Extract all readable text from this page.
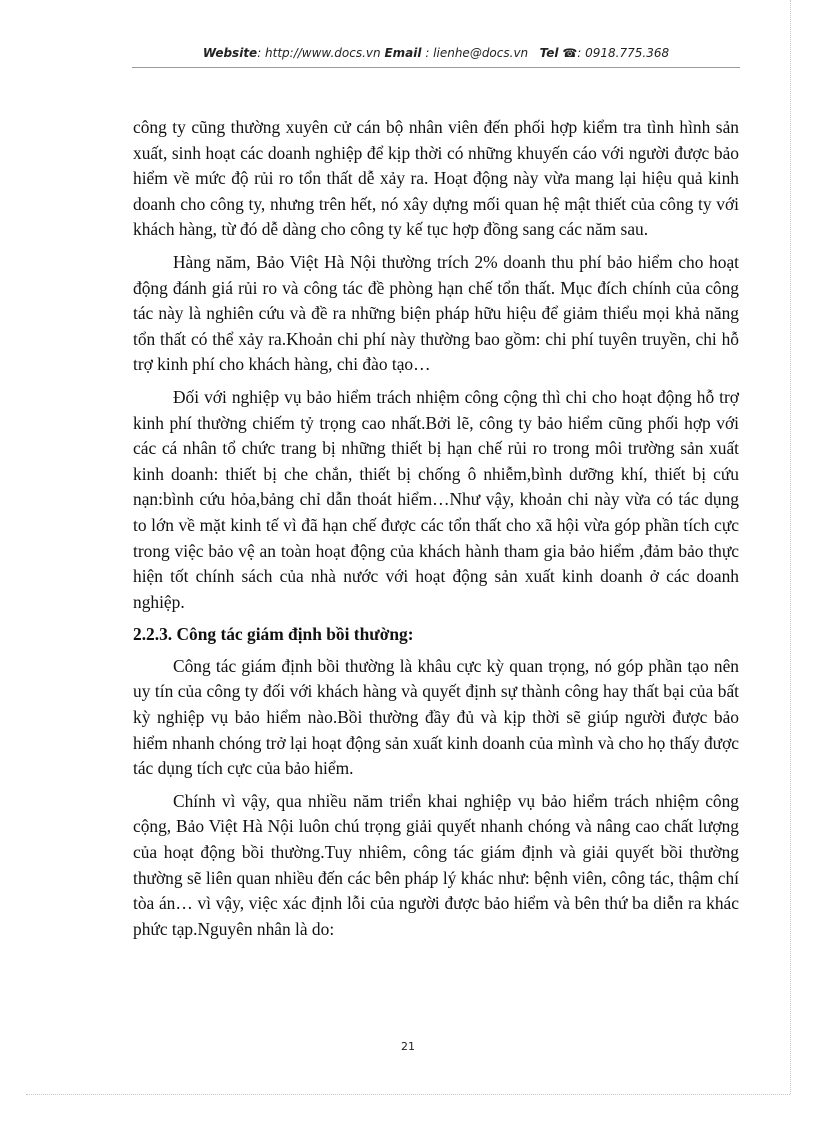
Website: http://www.docs.vn Email : lienhe@docs.vn Tel ☎: 0918.775.368

công ty cũng thường xuyên cử cán bộ nhân viên đến phối hợp kiểm tra tình hình sản xuất, sinh hoạt các doanh nghiệp để kịp thời có những khuyến cáo với người được bảo hiểm về mức độ rủi ro tổn thất dễ xảy ra. Hoạt động này vừa mang lại hiệu quả kinh doanh cho công ty, nhưng trên hết, nó xây dựng mối quan hệ mật thiết của công ty với khách hàng, từ đó dễ dàng cho công ty kế tục hợp đồng sang các năm sau.

Hàng năm, Bảo Việt Hà Nội thường trích 2% doanh thu phí bảo hiểm cho hoạt động đánh giá rủi ro và công tác đề phòng hạn chế tổn thất. Mục đích chính của công tác này là nghiên cứu và đề ra những biện pháp hữu hiệu để giảm thiểu mọi khả năng tổn thất có thể xảy ra.Khoản chi phí này thường bao gồm: chi phí tuyên truyền, chi hỗ trợ kinh phí cho khách hàng, chi đào tạo…

Đối với nghiệp vụ bảo hiểm trách nhiệm công cộng thì chi cho hoạt động hỗ trợ kinh phí thường chiếm tỷ trọng cao nhất.Bởi lẽ, công ty bảo hiểm cũng phối hợp với các cá nhân tổ chức trang bị những thiết bị hạn chế rủi ro trong môi trường sản xuất kinh doanh: thiết bị che chắn, thiết bị chống ô nhiễm,bình dưỡng khí, thiết bị cứu nạn:bình cứu hỏa,bảng chỉ dẫn thoát hiểm…Như vậy, khoản chi này vừa có tác dụng to lớn về mặt kinh tế vì đã hạn chế được các tổn thất cho xã hội vừa góp phần tích cực trong việc bảo vệ an toàn hoạt động của khách hành tham gia bảo hiểm ,đảm bảo thực hiện tốt chính sách của nhà nước với hoạt động sản xuất kinh doanh ở các doanh nghiệp.

2.2.3. Công tác giám định bồi thường:

Công tác giám định bồi thường là khâu cực kỳ quan trọng, nó góp phần tạo nên uy tín của công ty đối với khách hàng và quyết định sự thành công hay thất bại của bất kỳ nghiệp vụ bảo hiểm nào.Bồi thường đầy đủ và kịp thời sẽ giúp người được bảo hiểm nhanh chóng trở lại hoạt động sản xuất kinh doanh của mình và cho họ thấy được tác dụng tích cực của bảo hiểm.

Chính vì vậy, qua nhiều năm triển khai nghiệp vụ bảo hiểm trách nhiệm công cộng, Bảo Việt Hà Nội luôn chú trọng giải quyết nhanh chóng và nâng cao chất lượng của hoạt động bồi thường.Tuy nhiêm, công tác giám định và giải quyết bồi thường thường sẽ liên quan nhiều đến các bên pháp lý khác như: bệnh viên, công tác, thậm chí tòa án… vì vậy, việc xác định lỗi của người được bảo hiểm và bên thứ ba diễn ra khác phức tạp.Nguyên nhân là do:

21
